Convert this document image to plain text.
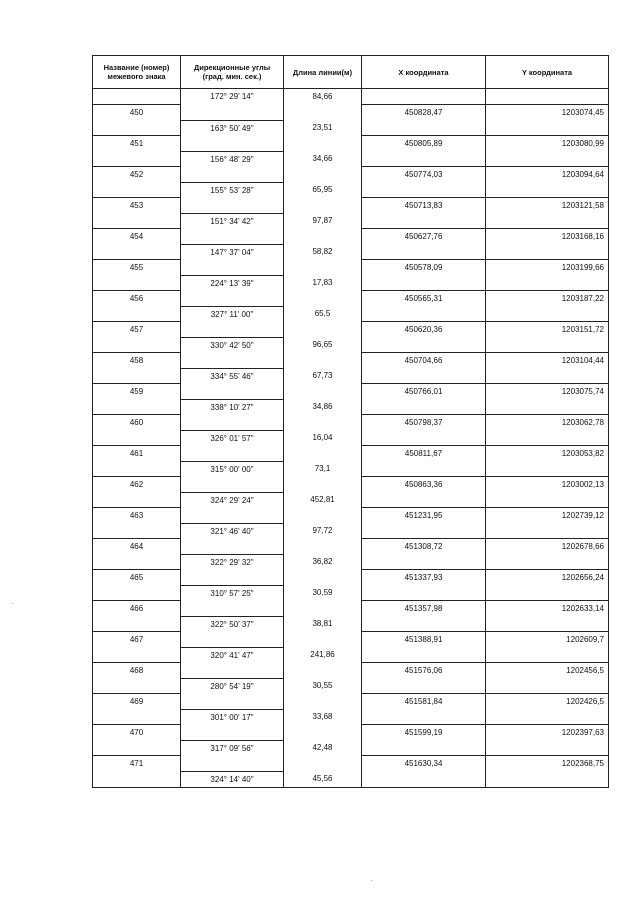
Название (номер) межевого знака	Дирекционные углы (град. мин. сек.)	Длина линии(м)	X координата	Y координата
	172° 29' 14"	84,66		
450			450828,47	1203074,45
	163° 50' 49"	23,51		
451			450805,89	1203080,99
	156° 48' 29"	34,66		
452			450774,03	1203094,64
	155° 53' 28"	65,95		
453			450713,83	1203121,58
	151° 34' 42"	97,87		
454			450627,76	1203168,16
	147° 37' 04"	58,82		
455			450578,09	1203199,66
	224° 13' 39"	17,83		
456			450565,31	1203187,22
	327° 11' 00"	65,5		
457			450620,36	1203151,72
	330° 42' 50"	96,65		
458			450704,66	1203104,44
	334° 55' 46"	67,73		
459			450766,01	1203075,74
	338° 10' 27"	34,86		
460			450798,37	1203062,78
	326° 01' 57"	16,04		
461			450811,67	1203053,82
	315° 00' 00"	73,1		
462			450863,36	1203002,13
	324° 29' 24"	452,81		
463			451231,95	1202739,12
	321° 46' 40"	97,72		
464			451308,72	1202678,66
	322° 29' 32"	36,82		
465			451337,93	1202656,24
	310° 57' 25"	30,59		
466			451357,98	1202633,14
	322° 50' 37"	38,81		
467			451388,91	1202609,7
	320° 41' 47"	241,86		
468			451576,06	1202456,5
	280° 54' 19"	30,55		
469			451581,84	1202426,5
	301° 00' 17"	33,68		
470			451599,19	1202397,63
	317° 09' 56"	42,48		
471			451630,34	1202368,75
	324° 14' 40"	45,56		
